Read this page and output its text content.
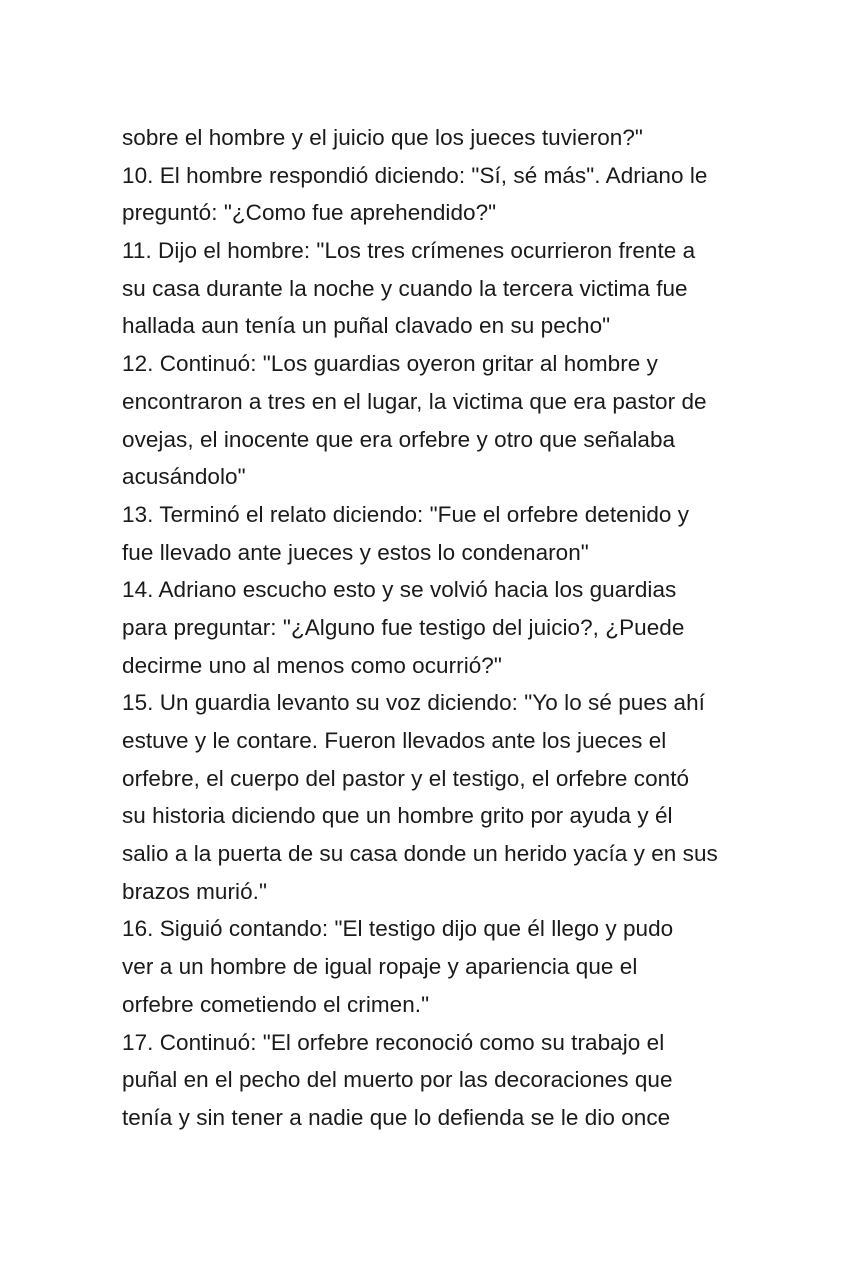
sobre el hombre y el juicio que los jueces tuvieron?"
10. El hombre respondió diciendo: "Sí, sé más". Adriano le
preguntó: "¿Como fue aprehendido?"
11. Dijo el hombre: "Los tres crímenes ocurrieron frente a
su casa durante la noche y cuando la tercera victima fue
hallada aun tenía un puñal clavado en su pecho"
12. Continuó: "Los guardias oyeron gritar al hombre y
encontraron a tres en el lugar, la victima que era pastor de
ovejas, el inocente que era orfebre y otro que señalaba
acusándolo"
13. Terminó el relato diciendo: "Fue el orfebre detenido y
fue llevado ante jueces y estos lo condenaron"
14. Adriano escucho esto y se volvió hacia los guardias
para preguntar: "¿Alguno fue testigo del juicio?, ¿Puede
decirme uno al menos como ocurrió?"
15. Un guardia levanto su voz diciendo: "Yo lo sé pues ahí
estuve y le contare. Fueron llevados ante los jueces el
orfebre, el cuerpo del pastor y el testigo, el orfebre contó
su historia diciendo que un hombre grito por ayuda y él
salio a la puerta de su casa donde un herido yacía y en sus
brazos murió."
16. Siguió contando: "El testigo dijo que él llego y pudo
ver a un hombre de igual ropaje y apariencia que el
orfebre cometiendo el crimen."
17. Continuó: "El orfebre reconoció como su trabajo el
puñal en el pecho del muerto por las decoraciones que
tenía y sin tener a nadie que lo defienda se le dio once
